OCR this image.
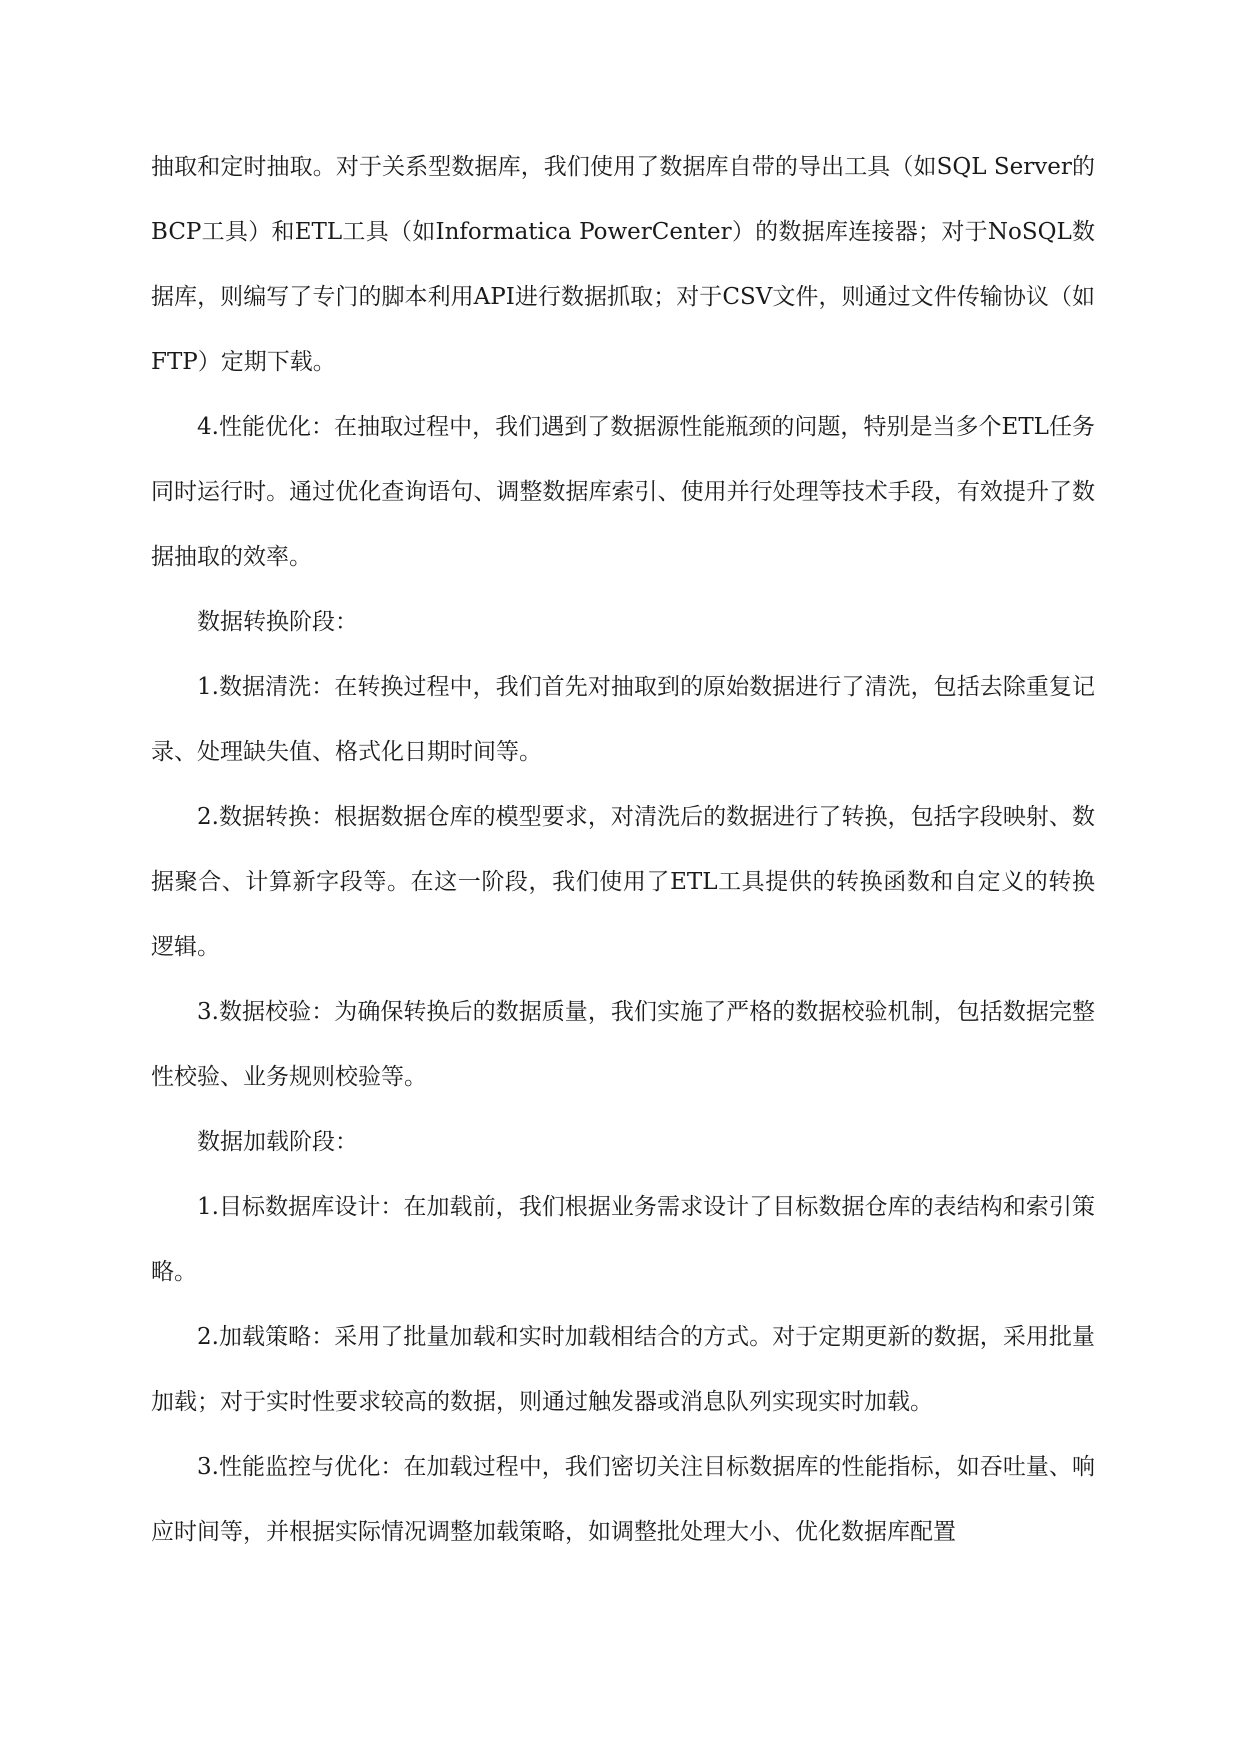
抽取和定时抽取。对于关系型数据库，我们使用了数据库自带的导出工具（如SQL Server的BCP工具）和ETL工具（如Informatica PowerCenter）的数据库连接器；对于NoSQL数据库，则编写了专门的脚本利用API进行数据抓取；对于CSV文件，则通过文件传输协议（如FTP）定期下载。

4.性能优化：在抽取过程中，我们遇到了数据源性能瓶颈的问题，特别是当多个ETL任务同时运行时。通过优化查询语句、调整数据库索引、使用并行处理等技术手段，有效提升了数据抽取的效率。

数据转换阶段：

1.数据清洗：在转换过程中，我们首先对抽取到的原始数据进行了清洗，包括去除重复记录、处理缺失值、格式化日期时间等。

2.数据转换：根据数据仓库的模型要求，对清洗后的数据进行了转换，包括字段映射、数据聚合、计算新字段等。在这一阶段，我们使用了ETL工具提供的转换函数和自定义的转换逻辑。

3.数据校验：为确保转换后的数据质量，我们实施了严格的数据校验机制，包括数据完整性校验、业务规则校验等。

数据加载阶段：

1.目标数据库设计：在加载前，我们根据业务需求设计了目标数据仓库的表结构和索引策略。

2.加载策略：采用了批量加载和实时加载相结合的方式。对于定期更新的数据，采用批量加载；对于实时性要求较高的数据，则通过触发器或消息队列实现实时加载。

3.性能监控与优化：在加载过程中，我们密切关注目标数据库的性能指标，如吞吐量、响应时间等，并根据实际情况调整加载策略，如调整批处理大小、优化数据库配置
